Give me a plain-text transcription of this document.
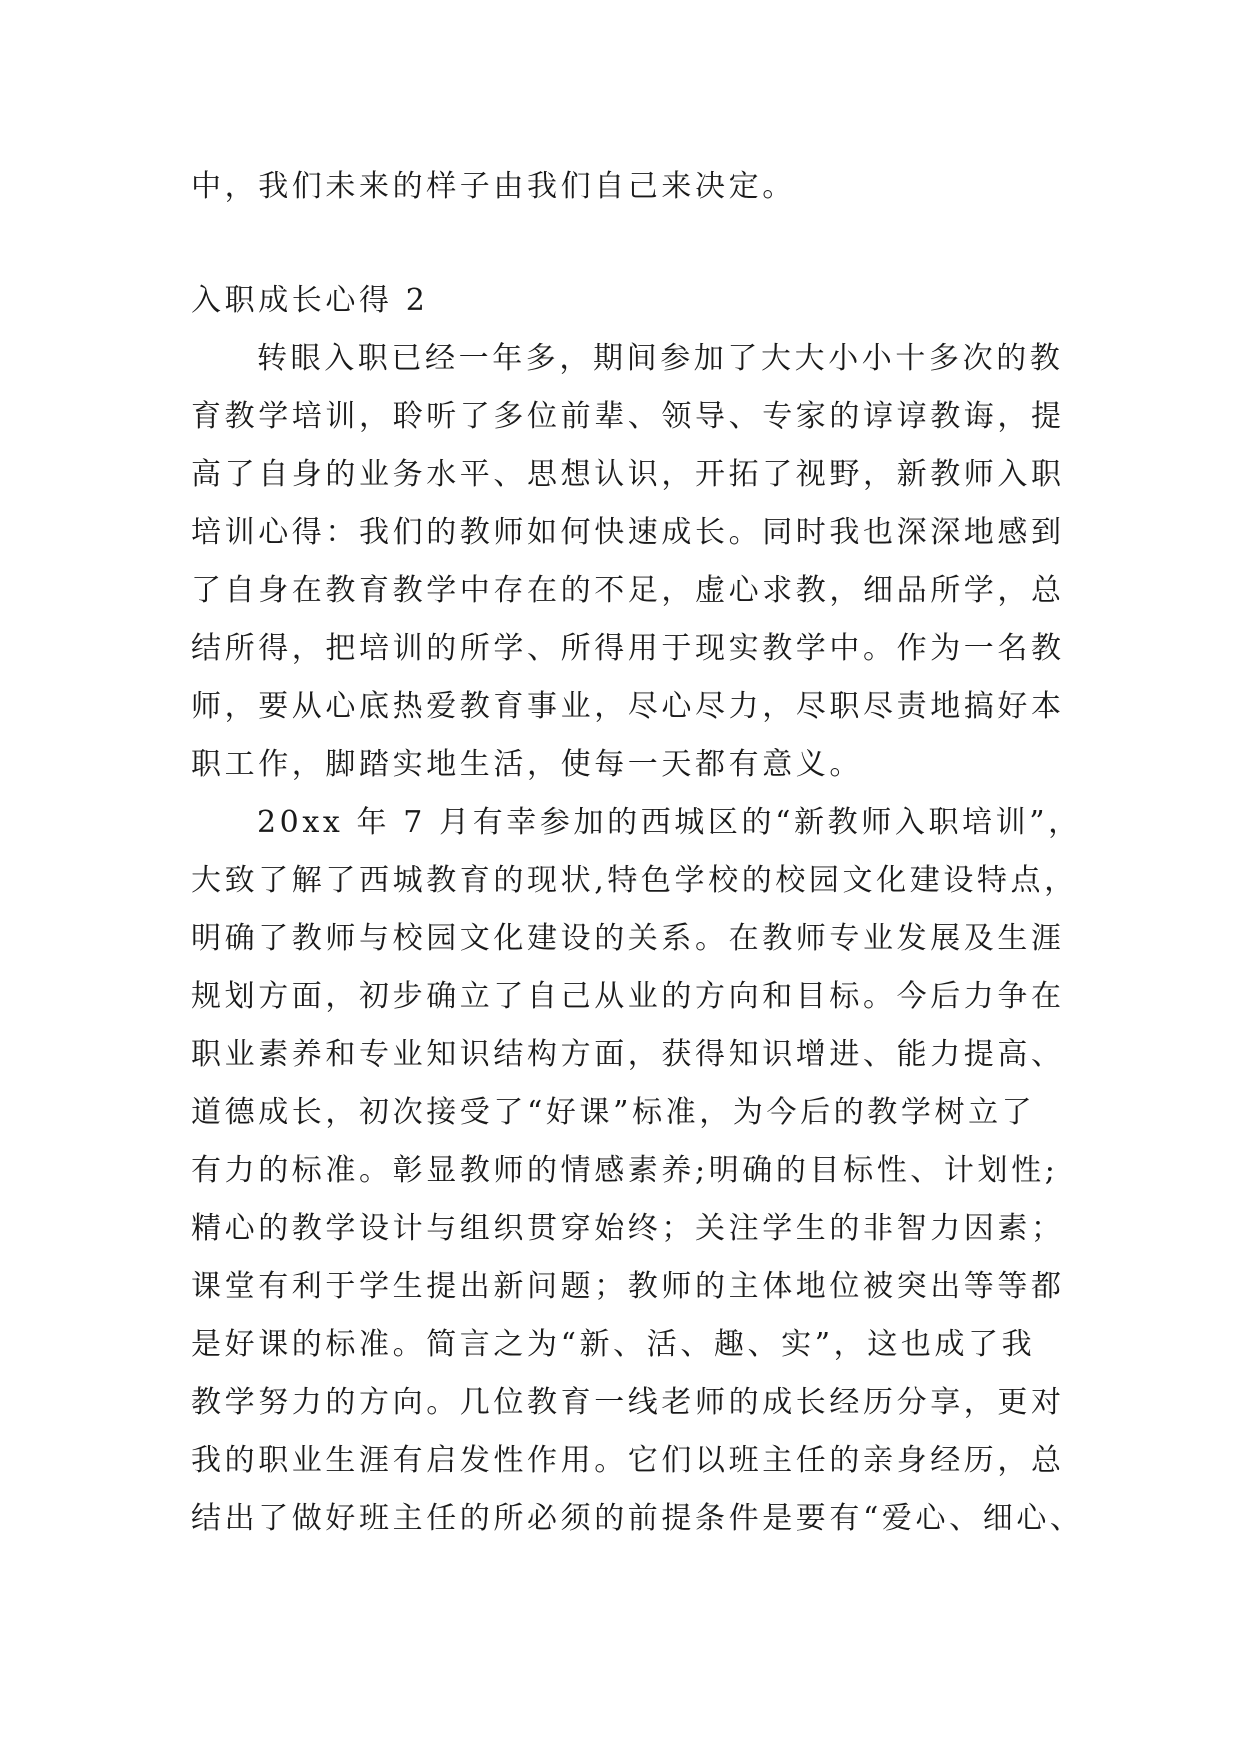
中，我们未来的样子由我们自己来决定。

入职成长心得 2

转眼入职已经一年多，期间参加了大大小小十多次的教
育教学培训，聆听了多位前辈、领导、专家的谆谆教诲，提
高了自身的业务水平、思想认识，开拓了视野，新教师入职
培训心得：我们的教师如何快速成长。同时我也深深地感到
了自身在教育教学中存在的不足，虚心求教，细品所学，总
结所得，把培训的所学、所得用于现实教学中。作为一名教
师，要从心底热爱教育事业，尽心尽力，尽职尽责地搞好本
职工作，脚踏实地生活，使每一天都有意义。

20xx 年 7 月有幸参加的西城区的“新教师入职培训”，
大致了解了西城教育的现状,特色学校的校园文化建设特点，
明确了教师与校园文化建设的关系。在教师专业发展及生涯
规划方面，初步确立了自己从业的方向和目标。今后力争在
职业素养和专业知识结构方面，获得知识增进、能力提高、
道德成长，初次接受了“好课”标准，为今后的教学树立了
有力的标准。彰显教师的情感素养;明确的目标性、计划性;
精心的教学设计与组织贯穿始终；关注学生的非智力因素；
课堂有利于学生提出新问题；教师的主体地位被突出等等都
是好课的标准。简言之为“新、活、趣、实”，这也成了我
教学努力的方向。几位教育一线老师的成长经历分享，更对
我的职业生涯有启发性作用。它们以班主任的亲身经历，总
结出了做好班主任的所必须的前提条件是要有“爱心、细心、
